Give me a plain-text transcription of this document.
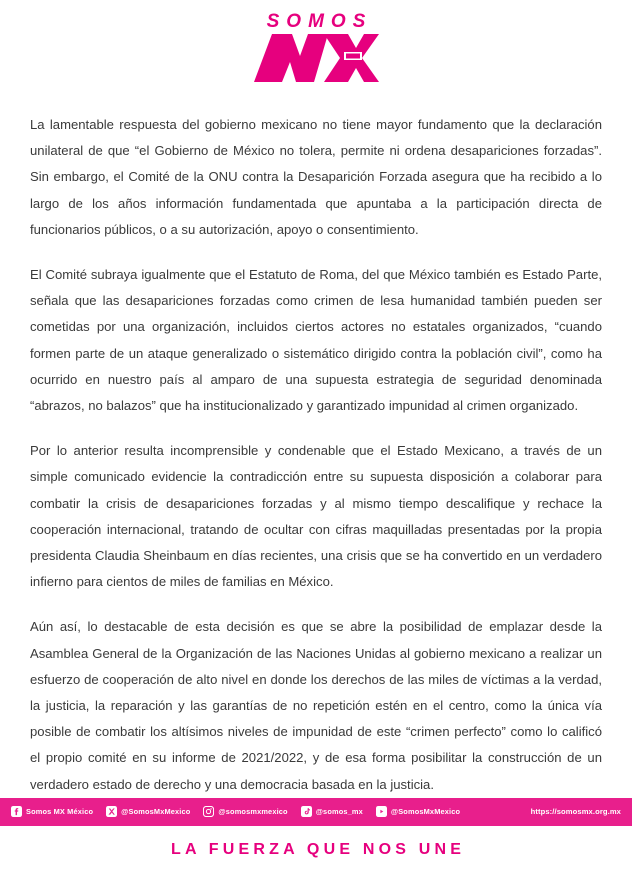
SOMOS

La lamentable respuesta del gobierno mexicano no tiene mayor fundamento que la declaración unilateral de que “el Gobierno de México no tolera, permite ni ordena desapariciones forzadas”. Sin embargo, el Comité de la ONU contra la Desaparición Forzada asegura que ha recibido a lo largo de los años información fundamentada que apuntaba a la participación directa de funcionarios públicos, o a su autorización, apoyo o consentimiento.

El Comité subraya igualmente que el Estatuto de Roma, del que México también es Estado Parte, señala que las desapariciones forzadas como crimen de lesa humanidad también pueden ser cometidas por una organización, incluidos ciertos actores no estatales organizados, “cuando formen parte de un ataque generalizado o sistemático dirigido contra la población civil”, como ha ocurrido en nuestro país al amparo de una supuesta estrategia de seguridad denominada “abrazos, no balazos” que ha institucionalizado y garantizado impunidad al crimen organizado.

Por lo anterior resulta incomprensible y condenable que el Estado Mexicano, a través de un simple comunicado evidencie la contradicción entre su supuesta disposición a colaborar para combatir la crisis de desapariciones forzadas y al mismo tiempo descalifique y rechace la cooperación internacional, tratando de ocultar con cifras maquilladas presentadas por la propia presidenta Claudia Sheinbaum en días recientes, una crisis que se ha convertido en un verdadero infierno para cientos de miles de familias en México.

Aún así, lo destacable de esta decisión es que se abre la posibilidad de emplazar desde la Asamblea General de la Organización de las Naciones Unidas al gobierno mexicano a realizar un esfuerzo de cooperación de alto nivel en donde los derechos de las miles de víctimas a la verdad, la justicia, la reparación y las garantías de no repetición estén en el centro, como la única vía posible de combatir los altísimos niveles de impunidad de este “crimen perfecto” como lo calificó el propio comité en su informe de 2021/2022, y de esa forma posibilitar la construcción de un verdadero estado de derecho y una democracia basada en la justicia.

Somos MX México	@SomosMxMexico	@somosmxmexico	@somos_mx	@SomosMxMexico	https://somosmx.org.mx
LA FUERZA QUE NOS UNE
